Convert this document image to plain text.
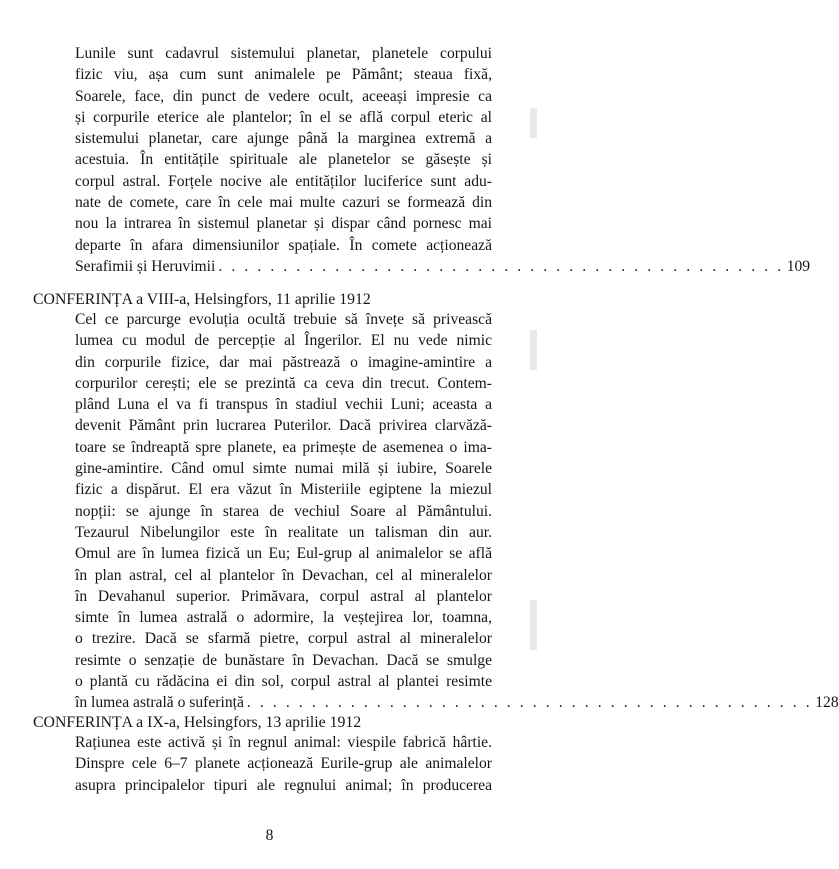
Lunile sunt cadavrul sistemului planetar, planetele corpului
fizic viu, așa cum sunt animalele pe Pământ; steaua fixă,
Soarele, face, din punct de vedere ocult, aceeași impresie ca
și corpurile eterice ale plantelor; în el se află corpul eteric al
sistemului planetar, care ajunge până la marginea extremă a
acestuia. În entitățile spirituale ale planetelor se găsește și
corpul astral. Forțele nocive ale entităților luciferice sunt adu-
nate de comete, care în cele mai multe cazuri se formează din
nou la intrarea în sistemul planetar și dispar când pornesc mai
departe în afara dimensiunilor spațiale. În comete acționează
Serafimii și Heruvimii . . . . . . . . . . . . . . . . . . . . . . . . . . . . . . . . . . . . . . . . . . . . 109
CONFERINȚA a VIII-a, Helsingfors, 11 aprilie 1912
Cel ce parcurge evoluția ocultă trebuie să învețe să privească
lumea cu modul de percepție al Îngerilor. El nu vede nimic
din corpurile fizice, dar mai păstrează o imagine-amintire a
corpurilor cerești; ele se prezintă ca ceva din trecut. Contem-
plând Luna el va fi transpus în stadiul vechii Luni; aceasta a
devenit Pământ prin lucrarea Puterilor. Dacă privirea clarvăză-
toare se îndreaptă spre planete, ea primește de asemenea o ima-
gine-amintire. Când omul simte numai milă și iubire, Soarele
fizic a dispărut. El era văzut în Misteriile egiptene la miezul
nopții: se ajunge în starea de vechiul Soare al Pământului.
Tezaurul Nibelungilor este în realitate un talisman din aur.
Omul are în lumea fizică un Eu; Eul-grup al animalelor se află
în plan astral, cel al plantelor în Devachan, cel al mineralelor
în Devahanul superior. Primăvara, corpul astral al plantelor
simte în lumea astrală o adormire, la veștejirea lor, toamna,
o trezire. Dacă se sfarmă pietre, corpul astral al mineralelor
resimte o senzație de bunăstare în Devachan. Dacă se smulge
o plantă cu rădăcina ei din sol, corpul astral al plantei resimte
în lumea astrală o suferință . . . . . . . . . . . . . . . . . . . . . . . . . . . . . . . . . . . . . . . . . . . . 128
CONFERINȚA a IX-a, Helsingfors, 13 aprilie 1912
Rațiunea este activă și în regnul animal: viespile fabrică hârtie.
Dinspre cele 6–7 planete acționează Eurile-grup ale animalelor
asupra principalelor tipuri ale regnului animal; în producerea
8
